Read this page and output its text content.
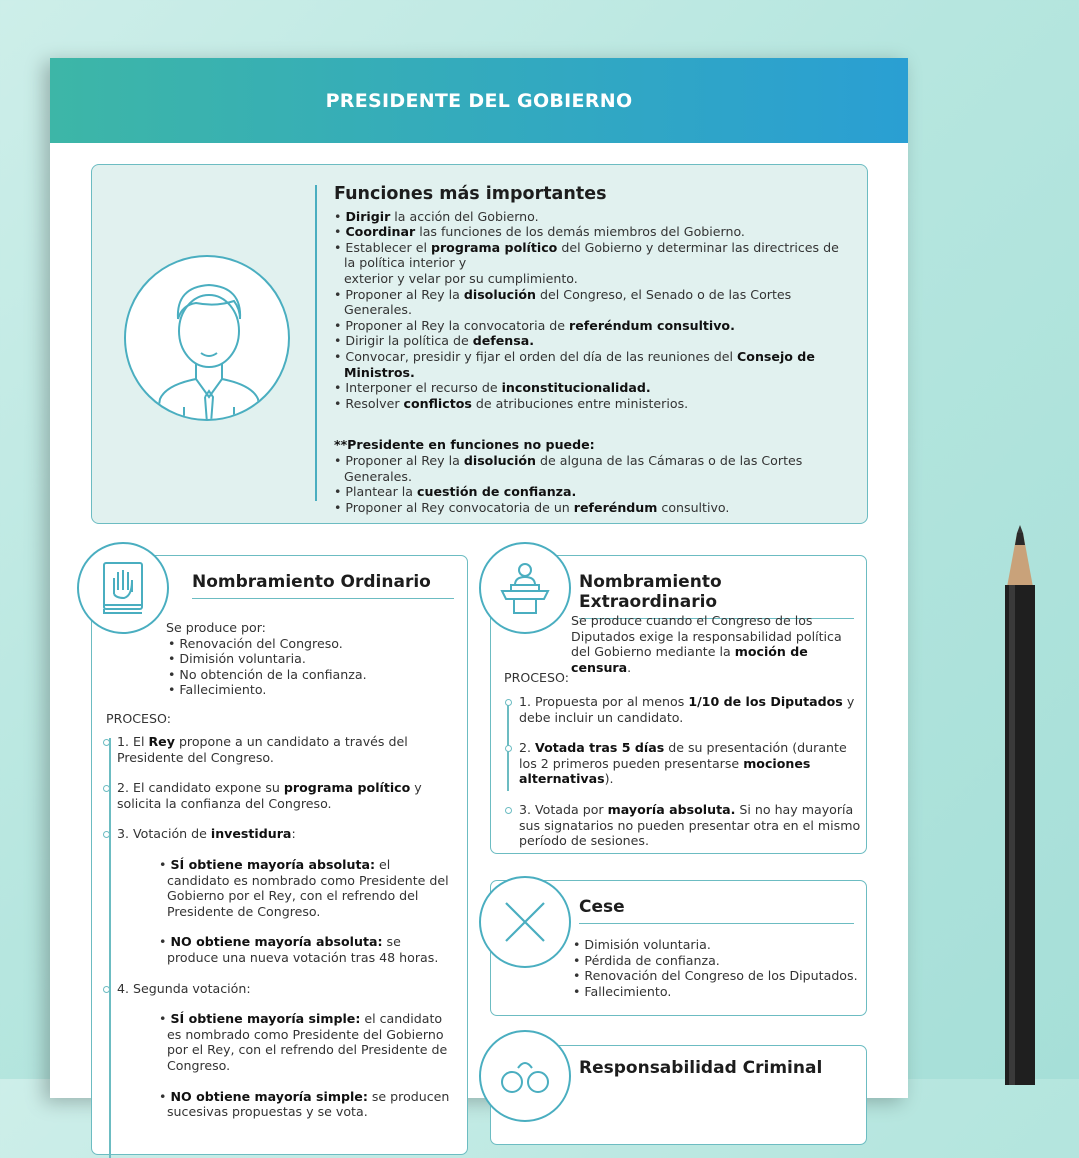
PRESIDENTE DEL GOBIERNO
Funciones más importantes
• Dirigir la acción del Gobierno.
• Coordinar las funciones de los demás miembros del Gobierno.
• Establecer el programa político del Gobierno y determinar las directrices de la política interior y
exterior y velar por su cumplimiento.
• Proponer al Rey la disolución del Congreso, el Senado o de las Cortes Generales.
• Proponer al Rey la convocatoria de referéndum consultivo.
• Dirigir la política de defensa.
• Convocar, presidir y fijar el orden del día de las reuniones del Consejo de Ministros.
• Interponer el recurso de inconstitucionalidad.
• Resolver conflictos de atribuciones entre ministerios.
**Presidente en funciones no puede:
• Proponer al Rey la disolución de alguna de las Cámaras o de las Cortes Generales.
• Plantear la cuestión de confianza.
• Proponer al Rey convocatoria de un referéndum consultivo.
Nombramiento Ordinario
Se produce por:
• Renovación del Congreso.
• Dimisión voluntaria.
• No obtención de la confianza.
• Fallecimiento.
PROCESO:
1. El Rey propone a un candidato a través del Presidente del Congreso.
2. El candidato expone su programa político y solicita la confianza del Congreso.
3. Votación de investidura:
• SÍ obtiene mayoría absoluta: el candidato es nombrado como Presidente del Gobierno por el Rey, con el refrendo del Presidente de Congreso.
• NO obtiene mayoría absoluta: se produce una nueva votación tras 48 horas.
4. Segunda votación:
• SÍ obtiene mayoría simple: el candidato es nombrado como Presidente del Gobierno por el Rey, con el refrendo del Presidente de Congreso.
• NO obtiene mayoría simple: se producen sucesivas propuestas y se vota.
Nombramiento Extraordinario
Se produce cuando el Congreso de los Diputados exige la responsabilidad política del Gobierno mediante la moción de censura.
PROCESO:
1. Propuesta por al menos 1/10 de los Diputados y debe incluir un candidato.
2. Votada tras 5 días de su presentación (durante los 2 primeros pueden presentarse mociones alternativas).
3. Votada por mayoría absoluta. Si no hay mayoría sus signatarios no pueden presentar otra en el mismo período de sesiones.
Cese
• Dimisión voluntaria.
• Pérdida de confianza.
• Renovación del Congreso de los Diputados.
• Fallecimiento.
Responsabilidad Criminal
